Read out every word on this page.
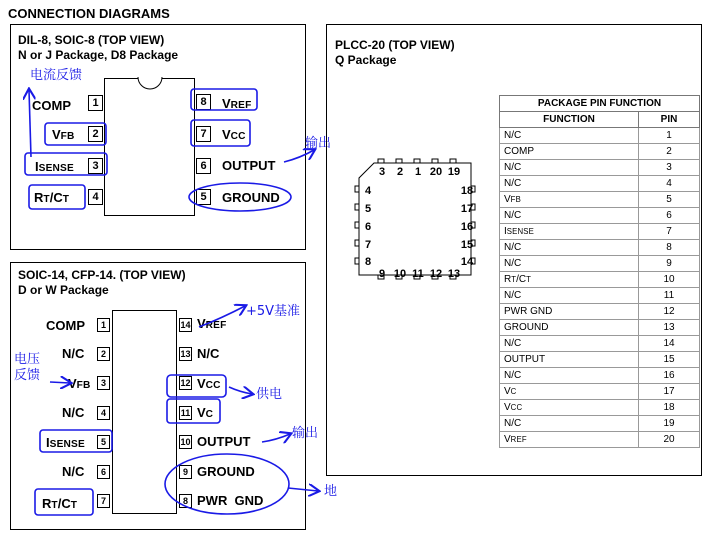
CONNECTION DIAGRAMS
DIL-8, SOIC-8 (TOP VIEW)
N or J Package, D8 Package
1
2
3
4
COMP
VFB
ISENSE
RT/CT
8
7
6
5
VREF
VCC
OUTPUT
GROUND
电流反馈
输出
SOIC-14, CFP-14. (TOP VIEW)
D or W Package
1
2
3
4
5
6
7
COMP
N/C
VFB
N/C
ISENSE
N/C
RT/CT
14
13
12
11
10
9
8
VREF
N/C
VCC
VC
OUTPUT
GROUND
PWR  GND
+5V基准
电压
反馈
供电
输出
地
PLCC-20 (TOP VIEW)
Q Package
3	2	1 20 19
9 10 11 12 13
4
5
6
7
8
18
17
16
15
14
PACKAGE PIN FUNCTION	
FUNCTION	PIN
N/C	1
COMP	2
N/C	3
N/C	4
VFB	5
N/C	6
ISENSE	7
N/C	8
N/C	9
RT/CT	10
N/C	11
PWR GND	12
GROUND	13
N/C	14
OUTPUT	15
N/C	16
VC	17
VCC	18
N/C	19
VREF	20
